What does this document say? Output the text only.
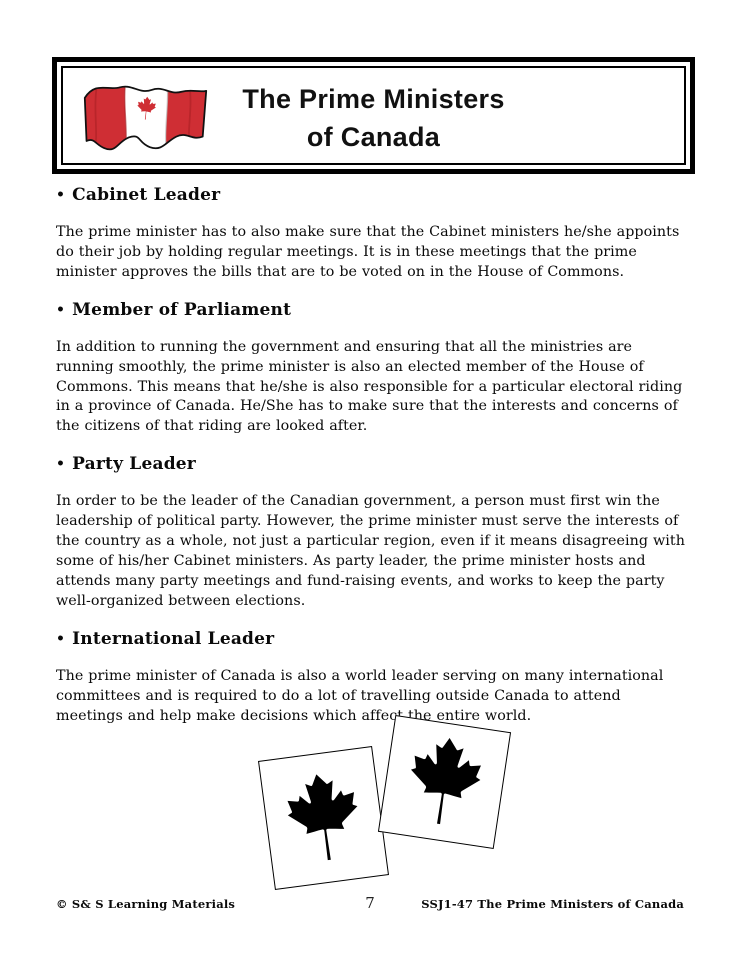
The Prime Ministers
of Canada
• Cabinet Leader

The prime minister has to also make sure that the Cabinet ministers he/she appoints do their job by holding regular meetings. It is in these meetings that the prime minister approves the bills that are to be voted on in the House of Commons.

• Member of Parliament

In addition to running the government and ensuring that all the ministries are running smoothly, the prime minister is also an elected member of the House of Commons. This means that he/she is also responsible for a particular electoral riding in a province of Canada. He/She has to make sure that the interests and concerns of the citizens of that riding are looked after.

• Party Leader

In order to be the leader of the Canadian government, a person must first win the leadership of political party. However, the prime minister must serve the interests of the country as a whole, not just a particular region, even if it means disagreeing with some of his/her Cabinet ministers. As party leader, the prime minister hosts and attends many party meetings and fund-raising events, and works to keep the party well-organized between elections.

• International Leader

The prime minister of Canada is also a world leader serving on many international committees and is required to do a lot of travelling outside Canada to attend meetings and help make decisions which affect the entire world.

© S& S Learning Materials	7	SSJ1-47 The Prime Ministers of Canada
